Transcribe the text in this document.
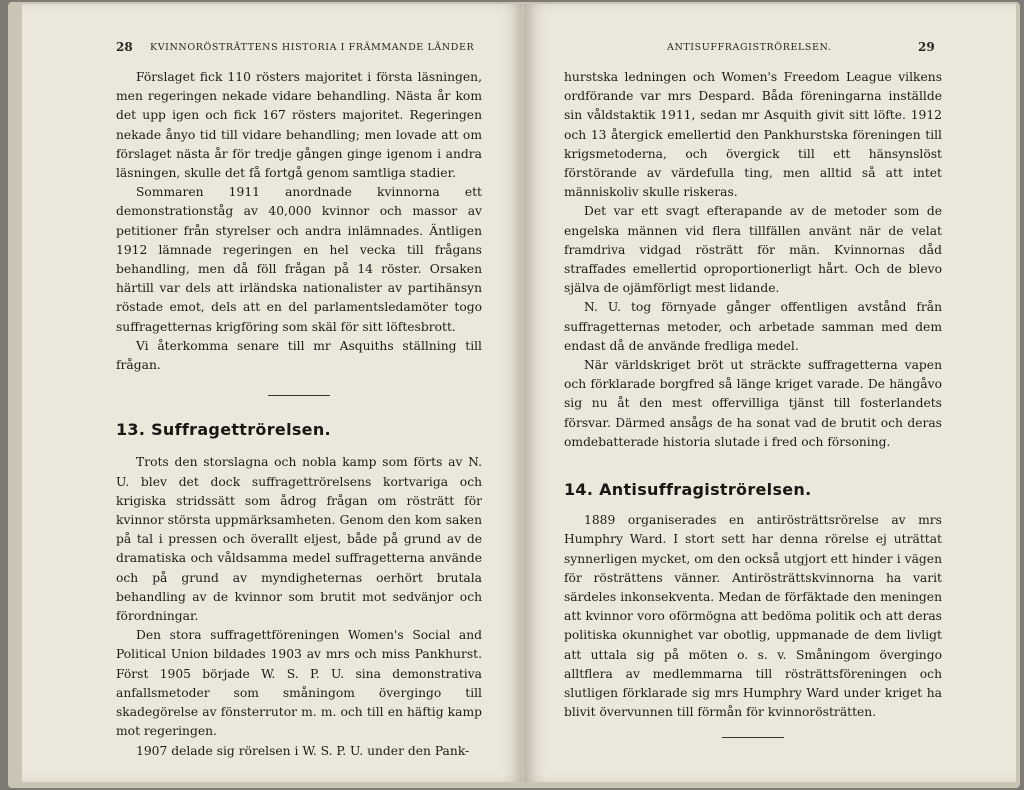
28 KVINNORÖSTRÄTTENS HISTORIA I FRÄMMANDE LÄNDER

Förslaget fick 110 rösters majoritet i första läsningen, men regeringen nekade vidare behandling. Nästa år kom det upp igen och fick 167 rösters majoritet. Regeringen nekade ånyo tid till vidare behandling; men lovade att om förslaget nästa år för tredje gången ginge igenom i andra läsningen, skulle det få fortgå genom samtliga stadier.

Sommaren 1911 anordnade kvinnorna ett demonstrationståg av 40,000 kvinnor och massor av petitioner från styrelser och andra inlämnades. Äntligen 1912 lämnade regeringen en hel vecka till frågans behandling, men då föll frågan på 14 röster. Orsaken härtill var dels att irländska nationalister av partihänsyn röstade emot, dels att en del parlamentsledamöter togo suffragetternas krigföring som skäl för sitt löftesbrott.

Vi återkomma senare till mr Asquiths ställning till frågan.

13. Suffragettrörelsen.

Trots den storslagna och nobla kamp som förts av N. U. blev det dock suffragettrörelsens kortvariga och krigiska stridssätt som ådrog frågan om rösträtt för kvinnor största uppmärksamheten. Genom den kom saken på tal i pressen och överallt eljest, både på grund av de dramatiska och våldsamma medel suffragetterna använde och på grund av myndigheternas oerhört brutala behandling av de kvinnor som brutit mot sedvänjor och förordningar.

Den stora suffragettföreningen Women's Social and Political Union bildades 1903 av mrs och miss Pankhurst. Först 1905 började W. S. P. U. sina demonstrativa anfallsmetoder som småningom övergingo till skadegörelse av fönsterrutor m. m. och till en häftig kamp mot regeringen.

1907 delade sig rörelsen i W. S. P. U. under den Pank-

ANTISUFFRAGISTRÖRELSEN.	29

hurstska ledningen och Women's Freedom League vilkens ordförande var mrs Despard. Båda föreningarna inställde sin våldstaktik 1911, sedan mr Asquith givit sitt löfte. 1912 och 13 återgick emellertid den Pankhurstska föreningen till krigsmetoderna, och övergick till ett hänsynslöst förstörande av värdefulla ting, men alltid så att intet människoliv skulle riskeras.

Det var ett svagt efterapande av de metoder som de engelska männen vid flera tillfällen använt när de velat framdriva vidgad rösträtt för män. Kvinnornas dåd straffades emellertid oproportionerligt hårt. Och de blevo själva de ojämförligt mest lidande.

N. U. tog förnyade gånger offentligen avstånd från suffragetternas metoder, och arbetade samman med dem endast då de använde fredliga medel.

När världskriget bröt ut sträckte suffragetterna vapen och förklarade borgfred så länge kriget varade. De hängåvo sig nu åt den mest offervilliga tjänst till fosterlandets försvar. Därmed ansågs de ha sonat vad de brutit och deras omdebatterade historia slutade i fred och försoning.

14. Antisuffragiströrelsen.

1889 organiserades en antirösträttsrörelse av mrs Humphry Ward. I stort sett har denna rörelse ej uträttat synnerligen mycket, om den också utgjort ett hinder i vägen för rösträttens vänner. Antirösträttskvinnorna ha varit särdeles inkonsekventa. Medan de förfäktade den meningen att kvinnor voro oförmögna att bedöma politik och att deras politiska okunnighet var obotlig, uppmanade de dem livligt att uttala sig på möten o. s. v. Småningom övergingo alltflera av medlemmarna till rösträttsföreningen och slutligen förklarade sig mrs Humphry Ward under kriget ha blivit övervunnen till förmån för kvinnorösträtten.
